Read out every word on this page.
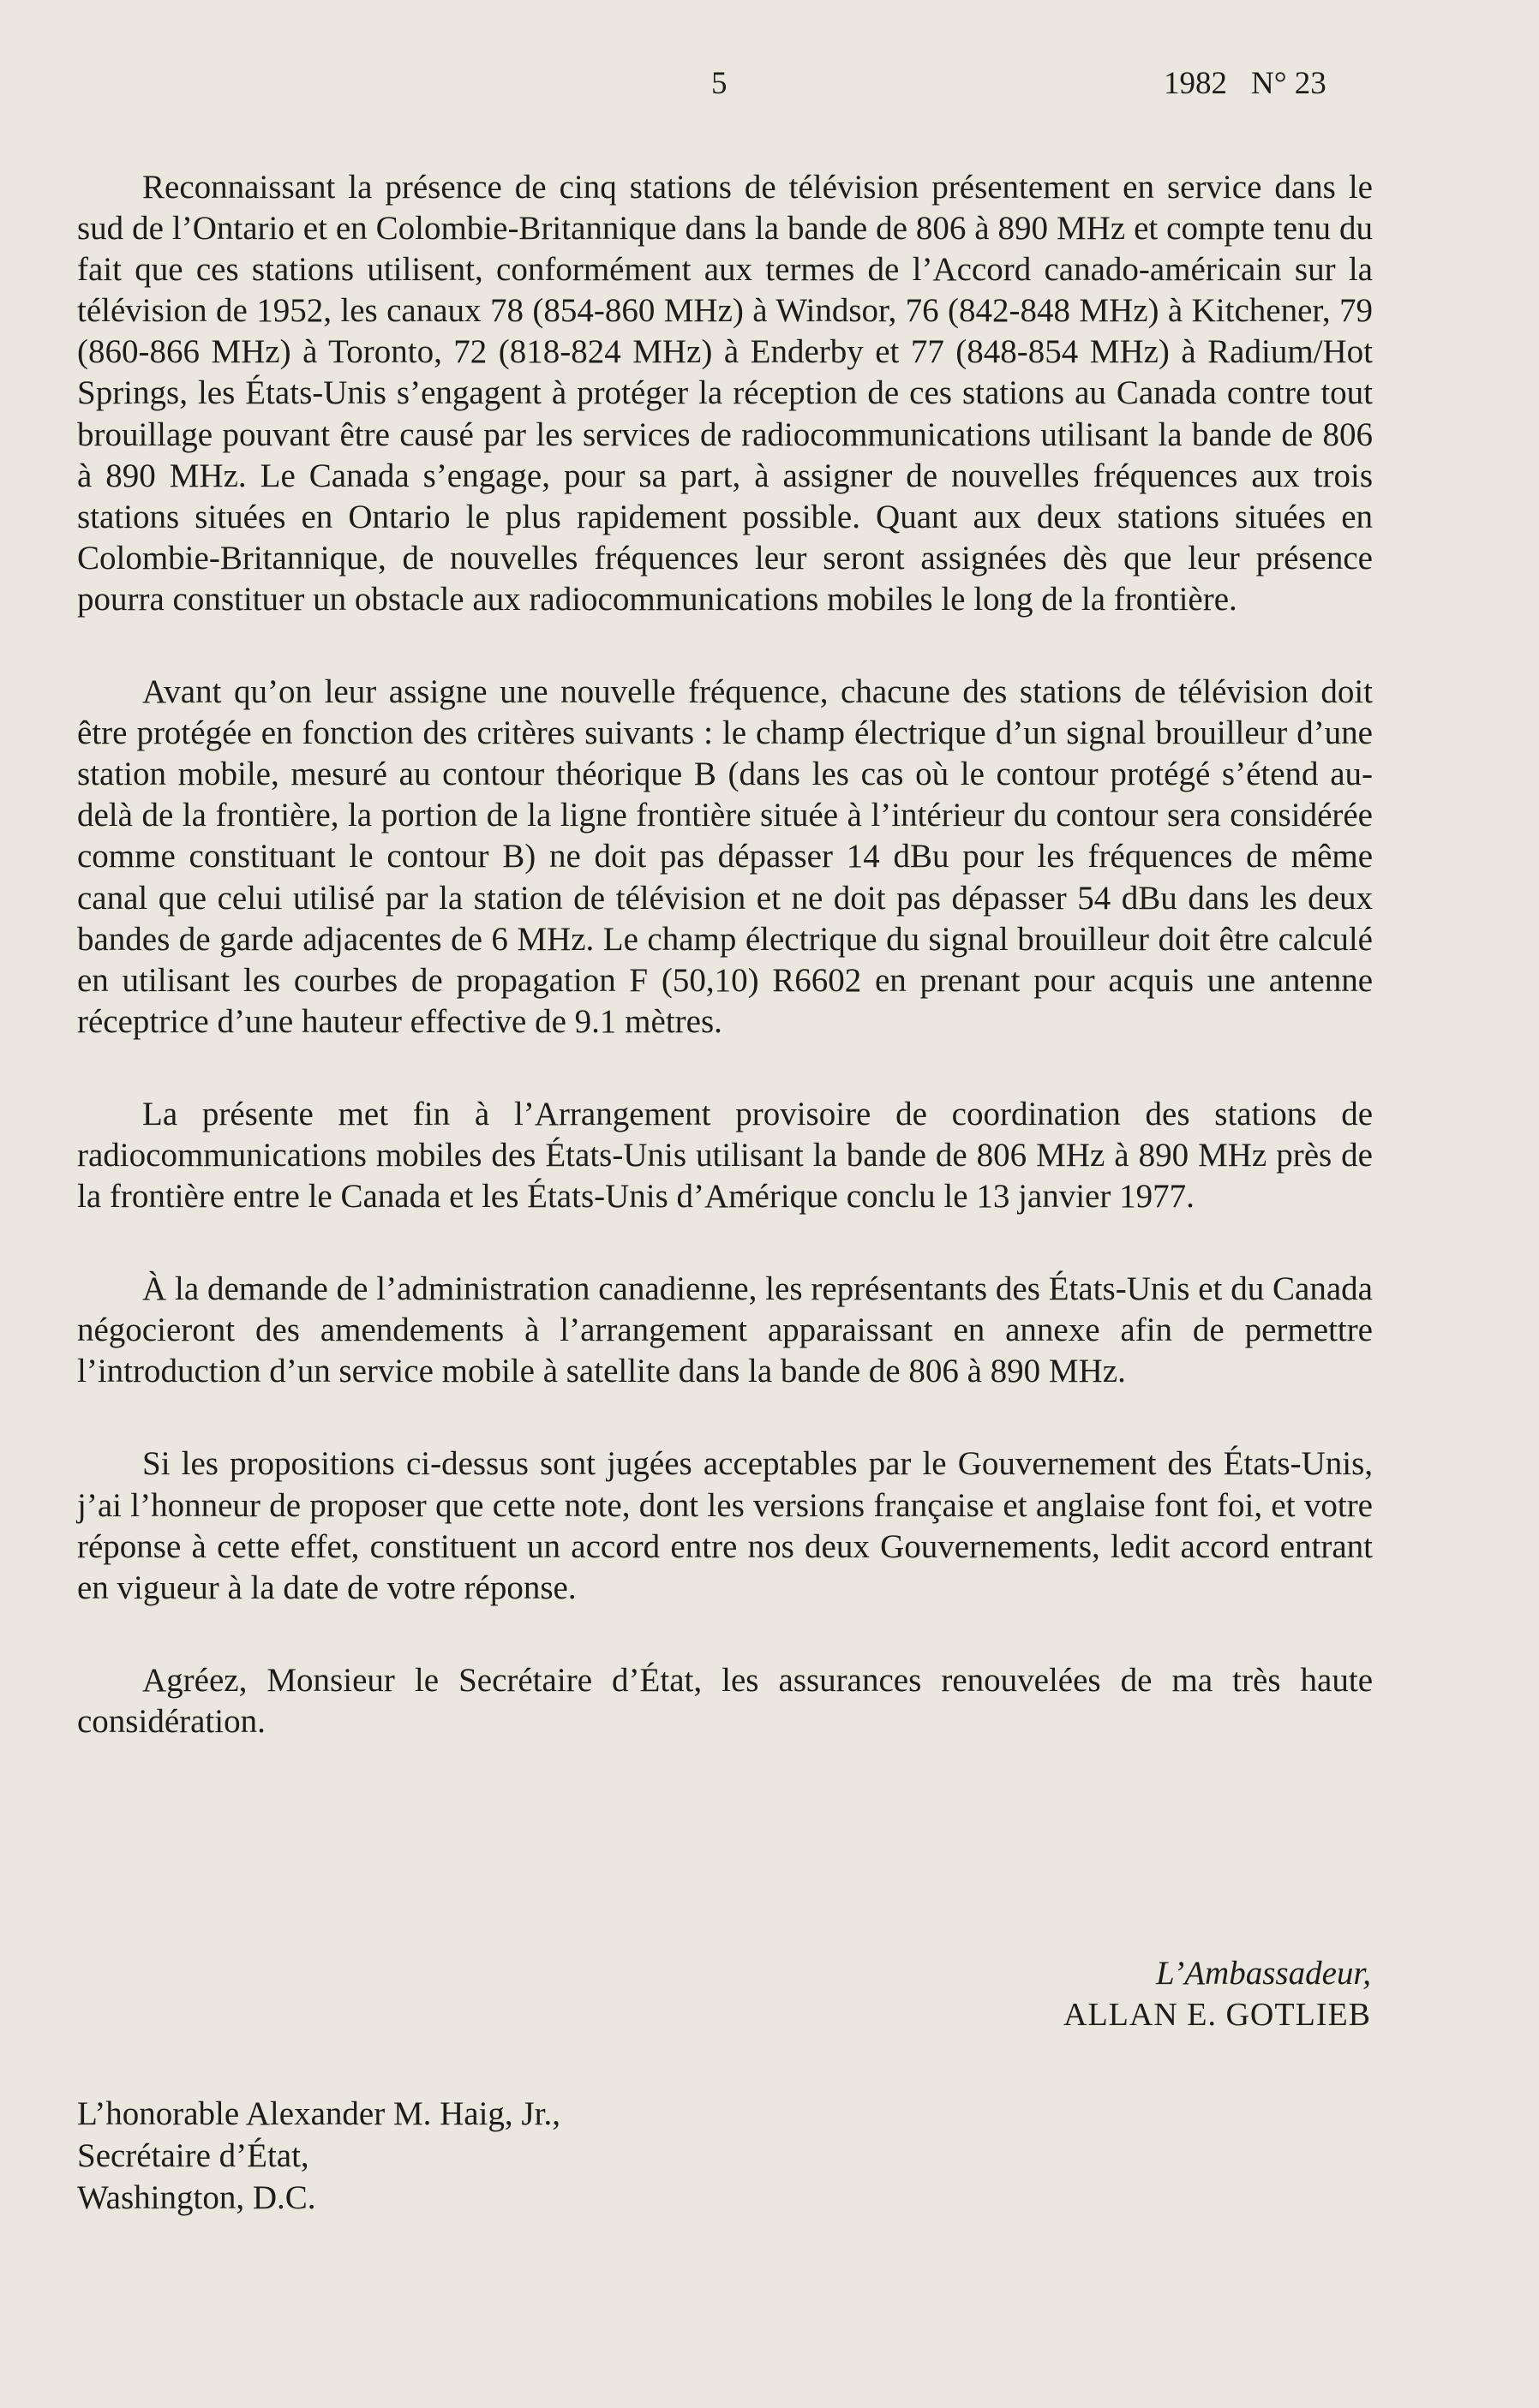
5	1982 N° 23

Reconnaissant la présence de cinq stations de télévision présentement en service dans le sud de l’Ontario et en Colombie-Britannique dans la bande de 806 à 890 MHz et compte tenu du fait que ces stations utilisent, conformément aux termes de l’Accord canado-américain sur la télévision de 1952, les canaux 78 (854-860 MHz) à Windsor, 76 (842-848 MHz) à Kitchener, 79 (860-866 MHz) à Toronto, 72 (818-824 MHz) à Enderby et 77 (848-854 MHz) à Radium/Hot Springs, les États-Unis s’engagent à protéger la réception de ces stations au Canada contre tout brouillage pouvant être causé par les services de radiocommunications utilisant la bande de 806 à 890 MHz. Le Canada s’engage, pour sa part, à assigner de nouvelles fréquences aux trois stations situées en Ontario le plus rapidement possible. Quant aux deux stations situées en Colombie-Britannique, de nouvelles fréquences leur seront assignées dès que leur présence pourra constituer un obstacle aux radiocommunications mobiles le long de la frontière.

Avant qu’on leur assigne une nouvelle fréquence, chacune des stations de télévision doit être protégée en fonction des critères suivants : le champ électrique d’un signal brouilleur d’une station mobile, mesuré au contour théorique B (dans les cas où le contour protégé s’étend au-delà de la frontière, la portion de la ligne frontière située à l’intérieur du contour sera considérée comme constituant le contour B) ne doit pas dépasser 14 dBu pour les fréquences de même canal que celui utilisé par la station de télévision et ne doit pas dépasser 54 dBu dans les deux bandes de garde adjacentes de 6 MHz. Le champ électrique du signal brouilleur doit être calculé en utilisant les courbes de propagation F (50,10) R6602 en prenant pour acquis une antenne réceptrice d’une hauteur effective de 9.1 mètres.

La présente met fin à l’Arrangement provisoire de coordination des stations de radiocommunications mobiles des États-Unis utilisant la bande de 806 MHz à 890 MHz près de la frontière entre le Canada et les États-Unis d’Amérique conclu le 13 janvier 1977.

À la demande de l’administration canadienne, les représentants des États-Unis et du Canada négocieront des amendements à l’arrangement apparaissant en annexe afin de permettre l’introduction d’un service mobile à satellite dans la bande de 806 à 890 MHz.

Si les propositions ci-dessus sont jugées acceptables par le Gouvernement des États-Unis, j’ai l’honneur de proposer que cette note, dont les versions française et anglaise font foi, et votre réponse à cette effet, constituent un accord entre nos deux Gouvernements, ledit accord entrant en vigueur à la date de votre réponse.

Agréez, Monsieur le Secrétaire d’État, les assurances renouvelées de ma très haute considération.

L’Ambassadeur,
ALLAN E. GOTLIEB
L’honorable Alexander M. Haig, Jr.,
Secrétaire d’État,
Washington, D.C.
